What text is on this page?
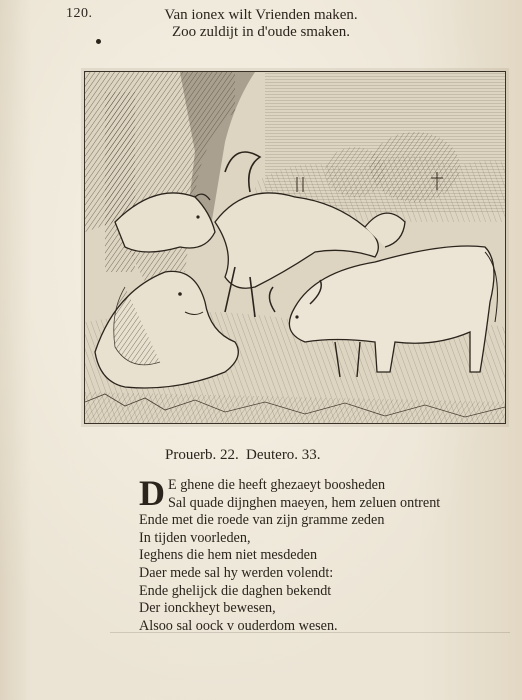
120.	Van ionex wilt Vrienden maken.
Zoo zuldijt in d'oude smaken.
Prouerb. 22. Deutero. 33.
D E ghene die heeft ghezaeyt boosheden
Sal quade dijnghen maeyen, hem zeluen ontrent
Ende met die roede van zijn gramme zeden
In tijden voorleden,
Ieghens die hem niet mesdeden
Daer mede sal hy werden volendt:
Ende ghelijck die daghen bekendt
Der ionckheyt bewesen,
Alsoo sal oock v ouderdom wesen.
